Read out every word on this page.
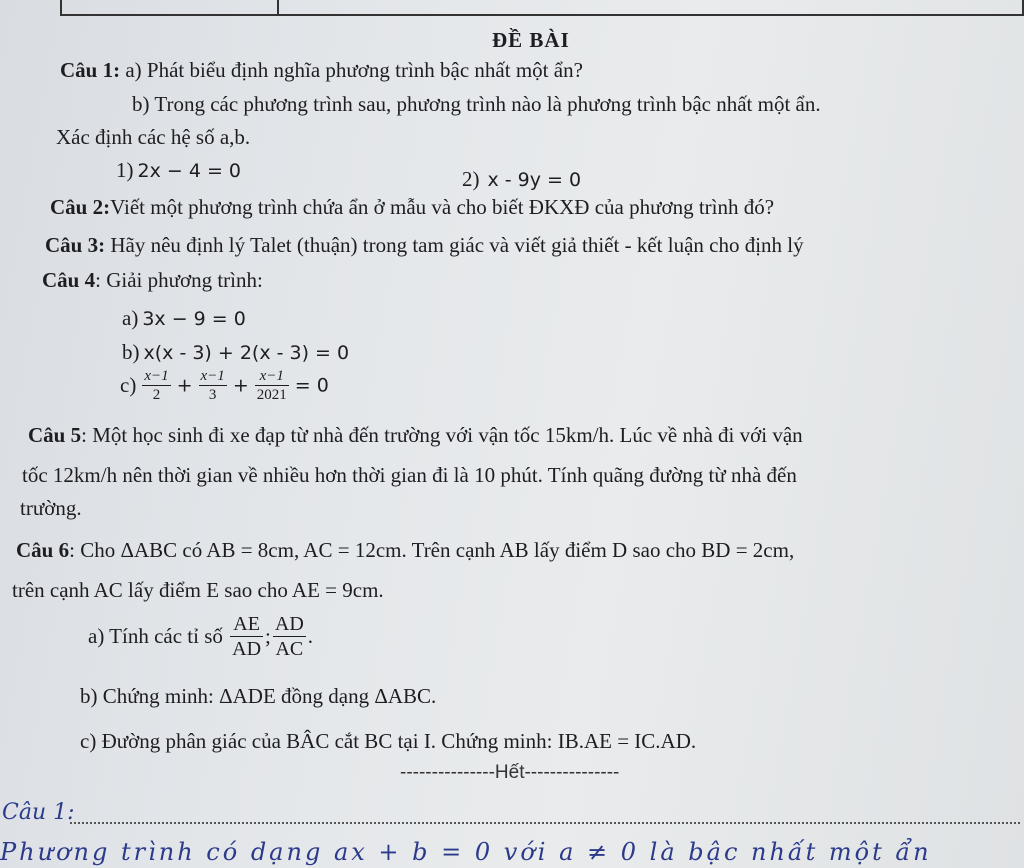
ĐỀ BÀI
Câu 1: a) Phát biểu định nghĩa phương trình bậc nhất một ẩn?
b) Trong các phương trình sau, phương trình nào là phương trình bậc nhất một ẩn.
Xác định các hệ số a,b.
1) 2x − 4 = 0	2) x - 9y = 0
Câu 2:Viết một phương trình chứa ẩn ở mẫu và cho biết ĐKXĐ của phương trình đó?
Câu 3: Hãy nêu định lý Talet (thuận) trong tam giác và viết giả thiết - kết luận cho định lý
Câu 4: Giải phương trình:
a) 3x − 9 = 0
b) x(x - 3) + 2(x - 3) = 0
$c) \frac{x-1}{2} + \frac{x-1}{3} + \frac{x-1}{2021} = 0$
Câu 5: Một học sinh đi xe đạp từ nhà đến trường với vận tốc 15km/h. Lúc về nhà đi với vận
tốc 12km/h nên thời gian về nhiều hơn thời gian đi là 10 phút. Tính quãng đường từ nhà đến
trường.
Câu 6: Cho ΔABC có AB = 8cm, AC = 12cm. Trên cạnh AB lấy điểm D sao cho BD = 2cm,
trên cạnh AC lấy điểm E sao cho AE = 9cm.
a) Tính các tỉ số $\frac{AE}{AD}$ ; $\frac{AD}{AC}$ .
b) Chứng minh: ΔADE đồng dạng ΔABC.
c) Đường phân giác của BÂC cắt BC tại I. Chứng minh: IB.AE = IC.AD.
---------------Hết---------------
Câu 1:
Phương trình có dạng ax + b = 0 với a ≠ 0 là bậc nhất một ẩn
